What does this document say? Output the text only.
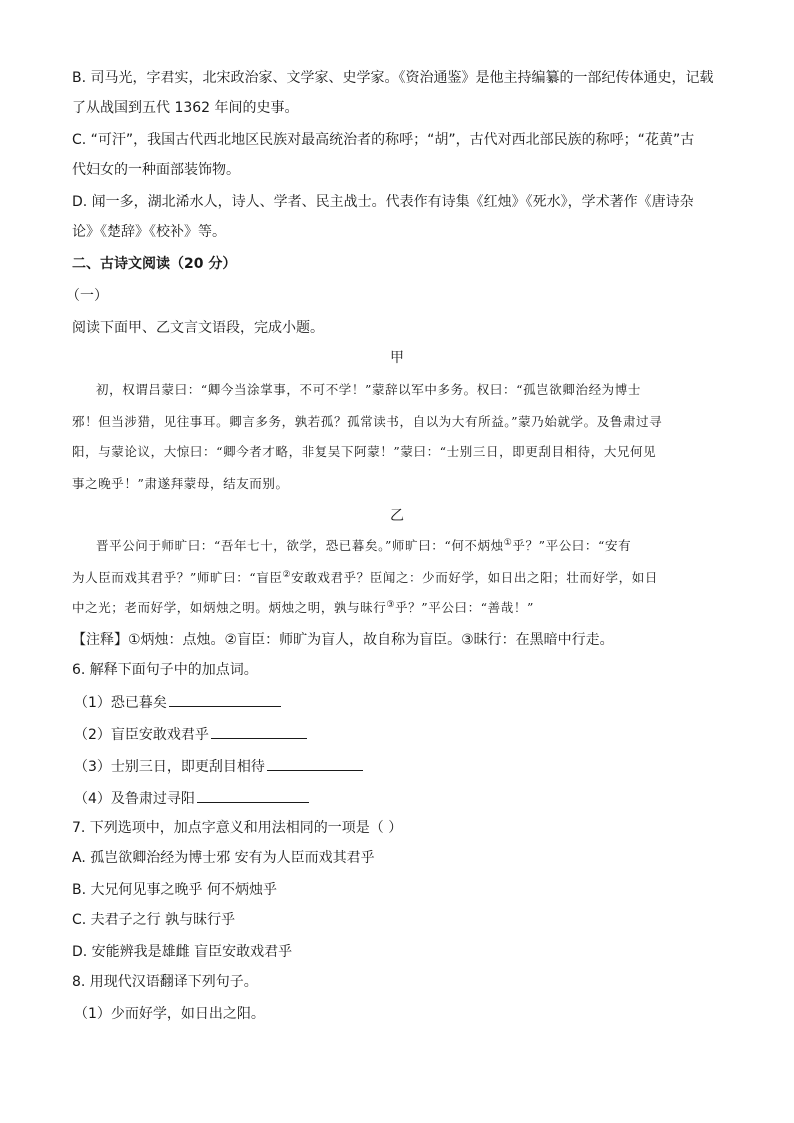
B. 司马光，字君实，北宋政治家、文学家、史学家。《资治通鉴》是他主持编纂的一部纪传体通史，记载
了从战国到五代 1362 年间的史事。
C. “可汗”，我国古代西北地区民族对最高统治者的称呼；“胡”，古代对西北部民族的称呼；“花黄”古
代妇女的一种面部装饰物。
D. 闻一多，湖北浠水人，诗人、学者、民主战士。代表作有诗集《红烛》《死水》，学术著作《唐诗杂
论》《楚辞》《校补》等。
二、古诗文阅读（20 分）
（一）
阅读下面甲、乙文言文语段，完成小题。
甲
初，权谓吕蒙曰：“卿今当涂掌事，不可不学！”蒙辞以军中多务。权曰：“孤岂欲卿治经为博士
邪！但当涉猎，见往事耳。卿言多务，孰若孤？孤常读书，自以为大有所益。”蒙乃始就学。及鲁肃过寻
阳，与蒙论议，大惊曰：“卿今者才略，非复吴下阿蒙！”蒙曰：“士别三日，即更刮目相待，大兄何见
事之晚乎！”肃遂拜蒙母，结友而别。
乙
晋平公问于师旷曰：“吾年七十，欲学，恐已暮矣。”师旷曰：“何不炳烛①乎？”平公曰：“安有
为人臣而戏其君乎？”师旷曰：“盲臣②安敢戏君乎？臣闻之：少而好学，如日出之阳；壮而好学，如日
中之光；老而好学，如炳烛之明。炳烛之明，孰与昧行③乎？”平公曰：“善哉！”
【注释】①炳烛：点烛。②盲臣：师旷为盲人，故自称为盲臣。③昧行：在黑暗中行走。
6. 解释下面句子中的加点词。
（1）恐已暮矣
（2）盲臣安敢戏君乎
（3）士别三日，即更刮目相待
（4）及鲁肃过寻阳
7. 下列选项中，加点字意义和用法相同的一项是（ ）
A. 孤岂欲卿治经为博士邪 安有为人臣而戏其君乎
B. 大兄何见事之晚乎 何不炳烛乎
C. 夫君子之行 孰与昧行乎
D. 安能辨我是雄雌 盲臣安敢戏君乎
8. 用现代汉语翻译下列句子。
（1）少而好学，如日出之阳。
